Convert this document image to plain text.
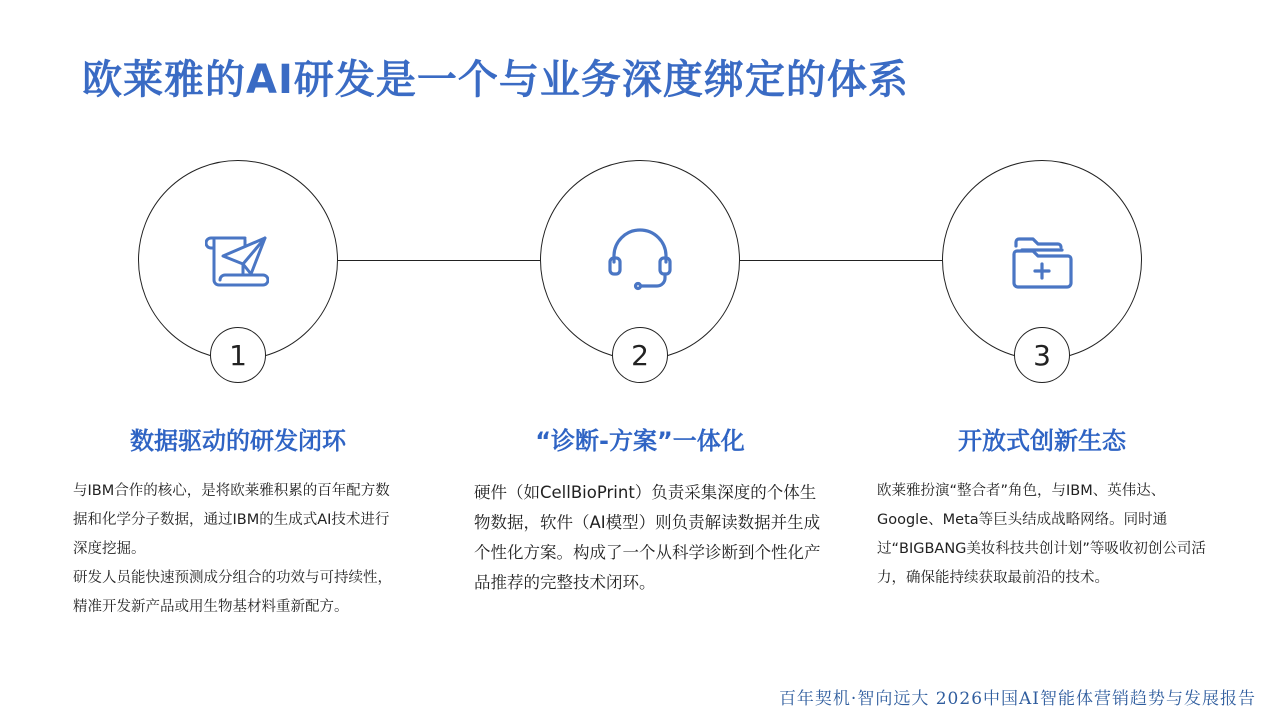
欧莱雅的AI研发是一个与业务深度绑定的体系
1
数据驱动的研发闭环

与IBM合作的核心，是将欧莱雅积累的百年配方数据和化学分子数据，通过IBM的生成式AI技术进行深度挖掘。

研发人员能快速预测成分组合的功效与可持续性，精准开发新产品或用生物基材料重新配方。

2
“诊断-方案”一体化

硬件（如CellBioPrint）负责采集深度的个体生物数据，软件（AI模型）则负责解读数据并生成个性化方案。构成了一个从科学诊断到个性化产品推荐的完整技术闭环。

3
开放式创新生态

欧莱雅扮演“整合者”角色，与IBM、英伟达、Google、Meta等巨头结成战略网络。同时通过“BIGBANG美妆科技共创计划”等吸收初创公司活力，确保能持续获取最前沿的技术。

百年契机·智向远大 2026中国AI智能体营销趋势与发展报告
